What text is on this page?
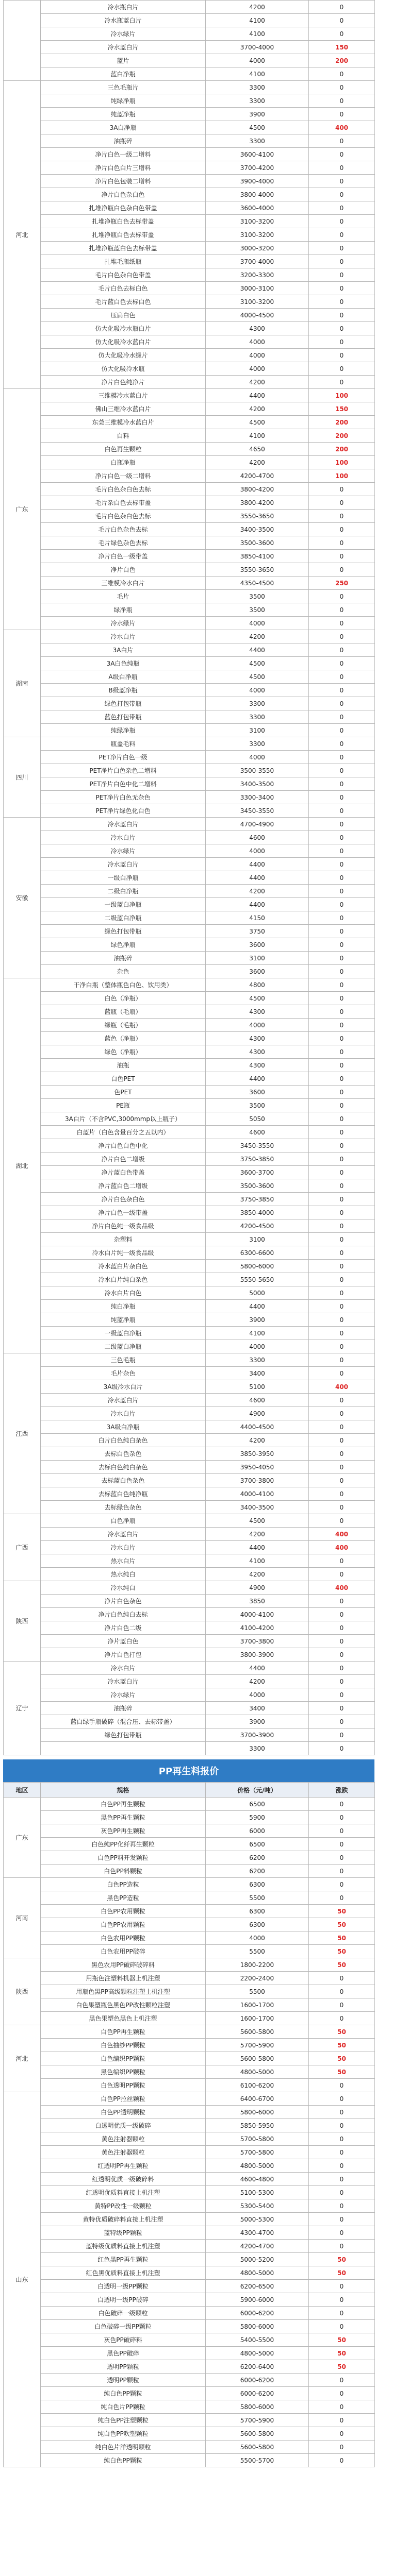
	冷水瓶白片	4200	0
	冷水瓶蓝白片	4100	0
	冷水绿片	4100	0
	冷水蓝白片	3700-4000	150
	蓝片	4000	200
	蓝白净瓶	4100	0
河北	三色毛瓶片	3300	0
	纯绿净瓶	3300	0
	纯蓝净瓶	3900	0
	3A白净瓶	4500	400
	油瓶碎	3300	0
	净片白色一级二增料	3600-4100	0
	净片白色白片三增料	3700-4200	0
	净片白色包装二增料	3900-4000	0
	净片白色杂白色	3800-4000	0
	扎堆净瓶白色杂白色带盖	3600-4000	0
	扎堆净瓶白色去标带盖	3100-3200	0
	扎堆净瓶白色去标带盖	3100-3200	0
	扎堆净瓶蓝白色去标带盖	3000-3200	0
	扎堆毛瓶纸瓶	3700-4000	0
	毛片白色杂白色带盖	3200-3300	0
	毛片白色去标白色	3000-3100	0
	毛片蓝白色去标白色	3100-3200	0
	压扁白色	4000-4500	0
	仿大化吸冷水瓶白片	4300	0
	仿大化吸冷水蓝白片	4000	0
	仿大化吸冷水绿片	4000	0
	仿大化吸冷水瓶	4000	0
	净片白色纯净片	4200	0
广东	三维模冷水蓝白片	4400	100
	佛山三维冷水蓝白片	4200	150
	东莞三维模冷水蓝白片	4500	200
	白料	4100	200
	白色再生颗粒	4650	200
	白瓶净瓶	4200	100
	净片白色一级二增料	4200-4700	100
	毛片白色杂白色去标	3800-4200	0
	毛片杂白色去标带盖	3800-4200	0
	毛片白色杂白色去标	3550-3650	0
	毛片白色杂色去标	3400-3500	0
	毛片绿色杂色去标	3500-3600	0
	净片白色一级带盖	3850-4100	0
	净片白色	3550-3650	0
	三维模冷水白片	4350-4500	250
	毛片	3500	0
	绿净瓶	3500	0
	冷水绿片	4000	0
湖南	冷水白片	4200	0
	3A白片	4400	0
	3A白色纯瓶	4500	0
	A级白净瓶	4500	0
	B级蓝净瓶	4000	0
	绿色打包带瓶	3300	0
	蓝色打包带瓶	3300	0
	纯绿净瓶	3100	0
四川	瓶盖毛料	3300	0
	PET净片白色一级	4000	0
	PET净片白色杂色二增料	3500-3550	0
	PET净片白色中化二增料	3400-3500	0
	PET净片白色无杂色	3300-3400	0
	PET净片绿色化白色	3450-3550	0
安徽	冷水蓝白片	4700-4900	0
	冷水白片	4600	0
	冷水绿片	4000	0
	冷水蓝白片	4400	0
	一级白净瓶	4400	0
	二级白净瓶	4200	0
	一级蓝白净瓶	4400	0
	二级蓝白净瓶	4150	0
	绿色打包带瓶	3750	0
	绿色净瓶	3600	0
	油瓶碎	3100	0
	杂色	3600	0
湖北	干净白瓶（整体瓶色白色、饮用类）	4800	0
	白色（净瓶）	4500	0
	蓝瓶（毛瓶）	4300	0
	绿瓶（毛瓶）	4000	0
	蓝色（净瓶）	4300	0
	绿色（净瓶）	4300	0
	油瓶	4300	0
	白色PET	4400	0
	色PET	3600	0
	PE瓶	3500	0
	3A白片（不含PVC,3000mmp以上瓶子）	5050	0
	白蓝片（白色含量百分之五以内）	4600	0
	净片白色白色中化	3450-3550	0
	净片白色二增级	3750-3850	0
	净片蓝白色带盖	3600-3700	0
	净片蓝白色二增级	3500-3600	0
	净片白色杂白色	3750-3850	0
	净片白色一级带盖	3850-4000	0
	净片白色纯一级食品级	4200-4500	0
	杂塑料	3100	0
	冷水白片纯一级食品级	6300-6600	0
	冷水蓝白片杂白色	5800-6000	0
	冷水白片纯白杂色	5550-5650	0
	冷水白片白色	5000	0
	纯白净瓶	4400	0
	纯蓝净瓶	3900	0
	一级蓝白净瓶	4100	0
	二级蓝白净瓶	4000	0
江西	三色毛瓶	3300	0
	毛片杂色	3400	0
	3A级冷水白片	5100	400
	冷水蓝白片	4600	0
	冷水白片	4900	0
	3A级白净瓶	4400-4500	0
	白片白色纯白杂色	4200	0
	去标白色杂色	3850-3950	0
	去标白色纯白杂色	3950-4050	0
	去标蓝白色杂色	3700-3800	0
	去标蓝白色纯净瓶	4000-4100	0
	去标绿色杂色	3400-3500	0
广西	白色净瓶	4500	0
	冷水蓝白片	4200	400
	冷水白片	4400	400
	热水白片	4100	0
	热水纯白	4200	0
陕西	冷水纯白	4900	400
	净片白色杂色	3850	0
	净片白色纯白去标	4000-4100	0
	净片白色二级	4100-4200	0
	净片蓝白色	3700-3800	0
	净片白色打包	3800-3900	0
辽宁	冷水白片	4400	0
	冷水蓝白片	4200	0
	冷水绿片	4000	0
	油瓶碎	3400	0
	蓝白绿手瓶破碎（混合压、去标带盖）	3900	0
	绿色打包带瓶	3700-3900	0
		3300	0
PP再生料报价
地区	规格	价格（元/吨）	涨跌
广东	白色PP再生颗粒	6500	0
	黑色PP再生颗粒	5900	0
	灰色PP再生颗粒	6000	0
	白色纯PP化纤再生颗粒	6500	0
	白色PP料开发颗粒	6200	0
	白色PP料颗粒	6200	0
河南	白色PP造粒	6300	0
	黑色PP造粒	5500	0
	白色PP农用颗粒	6300	50
	白色PP农用颗粒	6300	50
	白色农用PP颗粒	4000	50
	白色农用PP破碎	5500	50
陕西	黑色农用PP破碎破碎料	1800-2200	50
	用瓶色注塑料机器上机注塑	2200-2400	0
	用瓶色黑PP高级颗粒注塑上机注塑	5500	0
	白色果塑瓶色黑色PP改性颗粒注塑	1600-1700	0
	黑色果塑色黑色上机注塑	1600-1700	0
河北	白色PP再生颗粒	5600-5800	50
	白色抽纱PP颗粒	5700-5900	50
	白色编织PP颗粒	5600-5800	50
	黑色编织PP颗粒	4800-5000	50
	白色透明PP颗粒	6100-6200	0
山东	白色PP拉丝颗粒	6400-6700	0
	白色PP透明颗粒	5800-6000	0
	白透明优质一级破碎	5850-5950	0
	黄色注射器颗粒	5700-5800	0
	黄色注射器颗粒	5700-5800	0
	红透明PP再生颗粒	4800-5000	0
	红透明优质一级破碎料	4600-4800	0
	红透明优质料直接上机注塑	5100-5300	0
	黄特PP改性一级颗粒	5300-5400	0
	黄特优质破碎料直接上机注塑	5000-5300	0
	蓝特级PP颗粒	4300-4700	0
	蓝特级优质料直接上机注塑	4200-4700	0
	红色黑PP再生颗粒	5000-5200	50
	红色黑优质料直接上机注塑	4800-5000	50
	白透明一级PP颗粒	6200-6500	0
	白透明一级PP破碎	5900-6000	0
	白色破碎一级颗粒	6000-6200	0
	白色破碎一级PP颗粒	5800-6000	0
	灰色PP破碎料	5400-5500	50
	黑色PP破碎	4800-5000	50
	透明PP颗粒	6200-6400	50
	透明PP颗粒	6000-6200	0
	纯白色PP颗粒	6000-6200	0
	纯白色片PP颗粒	5800-6000	0
	纯白色PP注塑颗粒	5700-5900	0
	纯白色PP吹塑颗粒	5600-5800	0
	纯白色片洋透明颗粒	5600-5800	0
	纯白色PP颗粒	5500-5700	0
